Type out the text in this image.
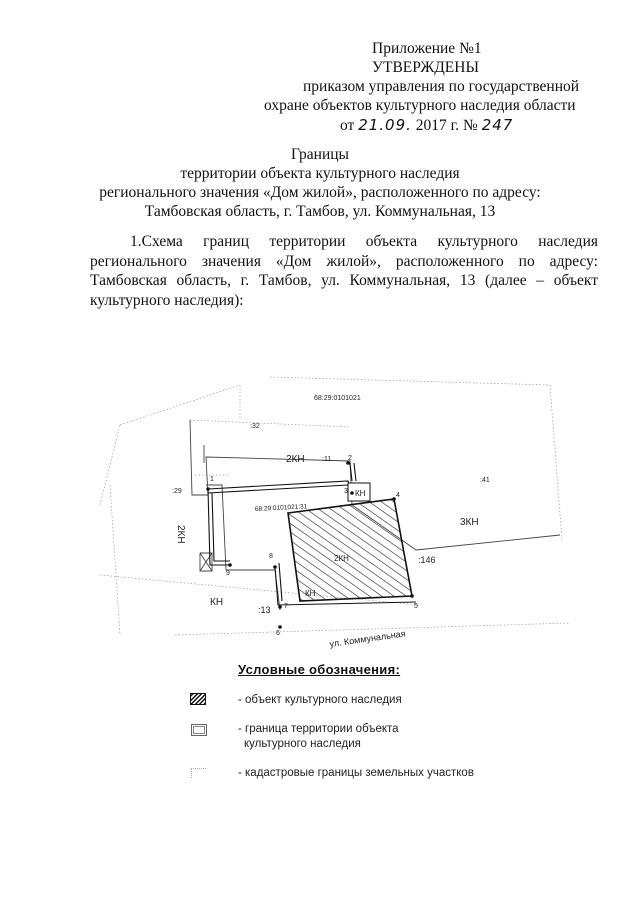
Приложение №1
УТВЕРЖДЕНЫ
приказом управления по государственной
охране объектов культурного наследия области
от 21.09. 2017 г. № 247
Границы
территории объекта культурного наследия
регионального значения «Дом жилой», расположенного по адресу:
Тамбовская область, г. Тамбов, ул. Коммунальная, 13
1.Схема границ территории объекта культурного наследия
регионального значения «Дом жилой», расположенного по адресу:
Тамбовская область, г. Тамбов, ул. Коммунальная, 13 (далее – объект
культурного наследия):
68:29:0101021
:32
2КН :11
:29
:41
68:29:0101021:31
КН
3КН
2КН
2КН
КН
КН
:146
:13
ул. Коммунальная
1
2
3
4
5
6
7
8
9
Условные обозначения:
- объект культурного наследия
- граница территории объекта
культурного наследия
- кадастровые границы земельных участков
